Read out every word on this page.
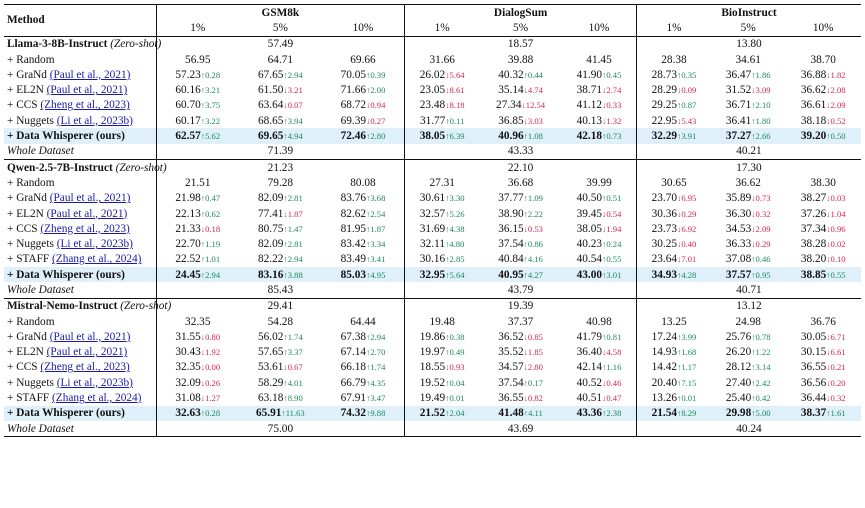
Method	GSM8k			DialogSum			BioInstruct		
	1%	5%	10%	1%	5%	10%	1%	5%	10%
Llama-3-8B-Instruct (Zero-shot)	57.49			18.57			13.80		
+ Random	56.95	64.71	69.66	31.66	39.88	41.45	28.38	34.61	38.70
+ GraNd (Paul et al., 2021)	57.23↑0.28	67.65↑2.94	70.05↑0.39	26.02↓5.64	40.32↑0.44	41.90↑0.45	28.73↑0.35	36.47↑1.86	36.88↓1.82
+ EL2N (Paul et al., 2021)	60.16↑3.21	61.50↓3.21	71.66↑2.00	23.05↓8.61	35.14↓4.74	38.71↓2.74	28.29↓0.09	31.52↓3.09	36.62↓2.08
+ CCS (Zheng et al., 2023)	60.70↑3.75	63.64↓0.07	68.72↓0.94	23.48↓8.18	27.34↓12.54	41.12↓0.33	29.25↑0.87	36.71↑2.10	36.61↓2.09
+ Nuggets (Li et al., 2023b)	60.17↑3.22	68.65↑3.94	69.39↓0.27	31.77↑0.11	36.85↓3.03	40.13↓1.32	22.95↓5.43	36.41↑1.80	38.18↓0.52
+ Data Whisperer (ours)	62.57↑5.62	69.65↑4.94	72.46↑2.80	38.05↑6.39	40.96↑1.08	42.18↑0.73	32.29↑3.91	37.27↑2.66	39.20↑0.50
Whole Dataset	71.39			43.33			40.21		
Qwen-2.5-7B-Instruct (Zero-shot)	21.23			22.10			17.30		
+ Random	21.51	79.28	80.08	27.31	36.68	39.99	30.65	36.62	38.30
+ GraNd (Paul et al., 2021)	21.98↑0.47	82.09↑2.81	83.76↑3.68	30.61↑3.30	37.77↑1.09	40.50↑0.51	23.70↓6.95	35.89↓0.73	38.27↓0.03
+ EL2N (Paul et al., 2021)	22.13↑0.62	77.41↓1.87	82.62↑2.54	32.57↑5.26	38.90↑2.22	39.45↓0.54	30.36↓0.29	36.30↓0.32	37.26↓1.04
+ CCS (Zheng et al., 2023)	21.33↓0.18	80.75↑1.47	81.95↑1.87	31.69↑4.38	36.15↓0.53	38.05↓1.94	23.73↓6.92	34.53↓2.09	37.34↓0.96
+ Nuggets (Li et al., 2023b)	22.70↑1.19	82.09↑2.81	83.42↑3.34	32.11↑4.80	37.54↑0.86	40.23↑0.24	30.25↓0.40	36.33↓0.29	38.28↓0.02
+ STAFF (Zhang et al., 2024)	22.52↑1.01	82.22↑2.94	83.49↑3.41	30.16↑2.85	40.84↑4.16	40.54↑0.55	23.64↓7.01	37.08↑0.46	38.20↓0.10
+ Data Whisperer (ours)	24.45↑2.94	83.16↑3.88	85.03↑4.95	32.95↑5.64	40.95↑4.27	43.00↑3.01	34.93↑4.28	37.57↑0.95	38.85↑0.55
Whole Dataset	85.43			43.79			40.71		
Mistral-Nemo-Instruct (Zero-shot)	29.41			19.39			13.12		
+ Random	32.35	54.28	64.44	19.48	37.37	40.98	13.25	24.98	36.76
+ GraNd (Paul et al., 2021)	31.55↓0.80	56.02↑1.74	67.38↑2.94	19.86↑0.38	36.52↓0.85	41.79↑0.81	17.24↑3.99	25.76↑0.78	30.05↓6.71
+ EL2N (Paul et al., 2021)	30.43↓1.92	57.65↑3.37	67.14↑2.70	19.97↑0.49	35.52↓1.85	36.40↓4.58	14.93↑1.68	26.20↑1.22	30.15↓6.61
+ CCS (Zheng et al., 2023)	32.35↓0.00	53.61↓0.67	66.18↑1.74	18.55↓0.93	34.57↓2.80	42.14↑1.16	14.42↑1.17	28.12↑3.14	36.55↓0.21
+ Nuggets (Li et al., 2023b)	32.09↓0.26	58.29↑4.01	66.79↑4.35	19.52↑0.04	37.54↑0.17	40.52↓0.46	20.40↑7.15	27.40↑2.42	36.56↓0.20
+ STAFF (Zhang et al., 2024)	31.08↓1.27	63.18↑8.90	67.91↑3.47	19.49↑0.01	36.55↓0.82	40.51↓0.47	13.26↑0.01	25.40↑0.42	36.44↓0.32
+ Data Whisperer (ours)	32.63↑0.28	65.91↑11.63	74.32↑9.88	21.52↑2.04	41.48↑4.11	43.36↑2.38	21.54↑8.29	29.98↑5.00	38.37↑1.61
Whole Dataset	75.00			43.69			40.24		
